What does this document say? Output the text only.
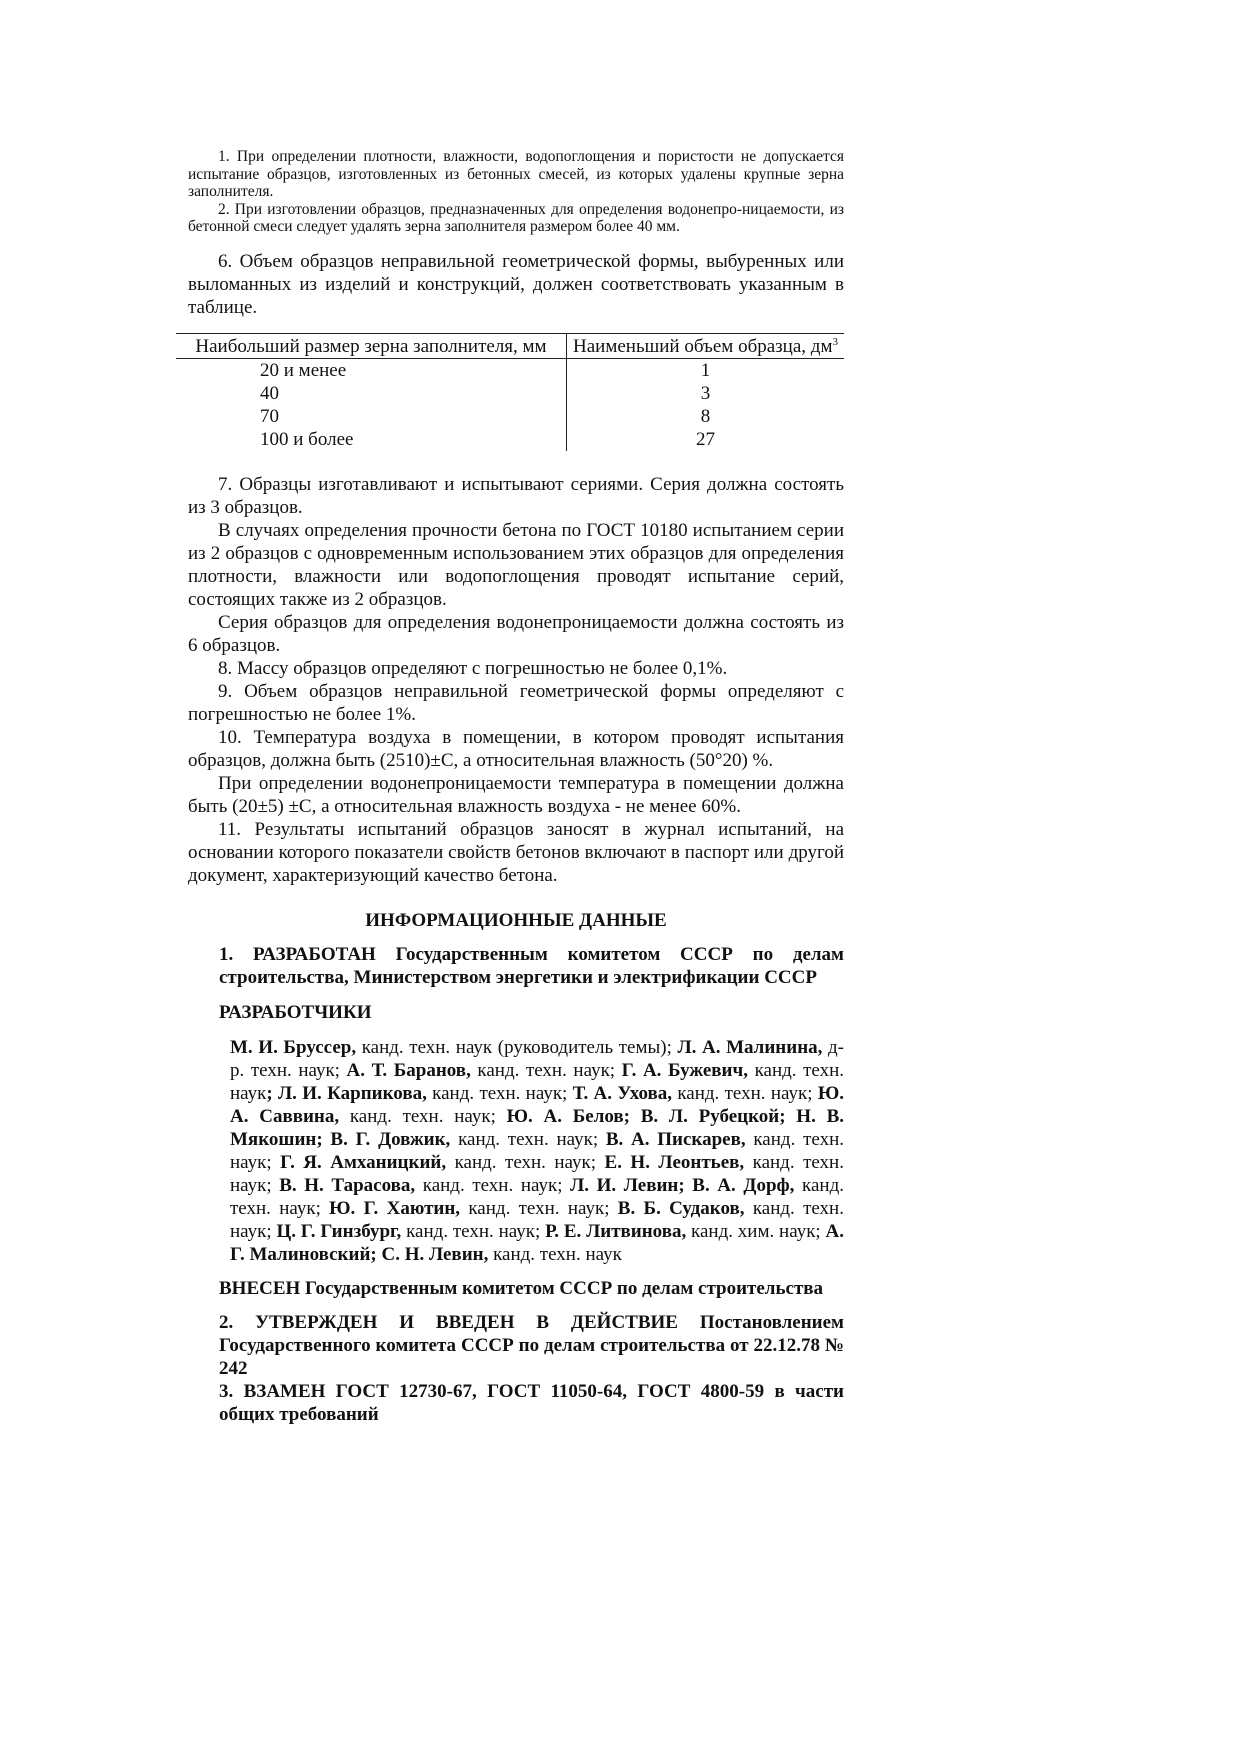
1. При определении плотности, влажности, водопоглощения и пористости не допускается испытание образцов, изготовленных из бетонных смесей, из которых удалены крупные зерна заполнителя.

2. При изготовлении образцов, предназначенных для определения водонепро-ницаемости, из бетонной смеси следует удалять зерна заполнителя размером более 40 мм.

6. Объем образцов неправильной геометрической формы, выбуренных или выломанных из изделий и конструкций, должен соответствовать указанным в таблице.

Наибольший размер зерна заполнителя, мм	Наименьший объем образца, $дм^3$
20 и менее	1
40	3
70	8
100 и более	27

7. Образцы изготавливают и испытывают сериями. Серия должна состоять из 3 образцов.

В случаях определения прочности бетона по ГОСТ 10180 испытанием серии из 2 образцов с одновременным использованием этих образцов для определения плотности, влажности или водопоглощения проводят испытание серий, состоящих также из 2 образцов.

Серия образцов для определения водонепроницаемости должна состоять из 6 образцов.

8. Массу образцов определяют с погрешностью не более 0,1%.

9. Объем образцов неправильной геометрической формы определяют с погрешностью не более 1%.

10. Температура воздуха в помещении, в котором проводят испытания образцов, должна быть (2510)±С, а относительная влажность (50°20) %.

При определении водонепроницаемости температура в помещении должна быть (20±5) ±С, а относительная влажность воздуха - не менее 60%.

11. Результаты испытаний образцов заносят в журнал испытаний, на основании которого показатели свойств бетонов включают в паспорт или другой документ, характеризующий качество бетона.

ИНФОРМАЦИОННЫЕ ДАННЫЕ

1. РАЗРАБОТАН Государственным комитетом СССР по делам строительства, Министерством энергетики и электрификации СССР

РАЗРАБОТЧИКИ

М. И. Бруссер, канд. техн. наук (руководитель темы); Л. А. Малинина, д-р. техн. наук; А. Т. Баранов, канд. техн. наук; Г. А. Бужевич, канд. техн. наук; Л. И. Карпикова, канд. техн. наук; Т. А. Ухова, канд. техн. наук; Ю. А. Саввина, канд. техн. наук; Ю. А. Белов; В. Л. Рубецкой; Н. В. Мякошин; В. Г. Довжик, канд. техн. наук; В. А. Пискарев, канд. техн. наук; Г. Я. Амханицкий, канд. техн. наук; Е. Н. Леонтьев, канд. техн. наук; В. Н. Тарасова, канд. техн. наук; Л. И. Левин; В. А. Дорф, канд. техн. наук; Ю. Г. Хаютин, канд. техн. наук; В. Б. Судаков, канд. техн. наук; Ц. Г. Гинзбург, канд. техн. наук; Р. Е. Литвинова, канд. хим. наук; А. Г. Малиновский; С. Н. Левин, канд. техн. наук

ВНЕСЕН Государственным комитетом СССР по делам строительства

2. УТВЕРЖДЕН И ВВЕДЕН В ДЕЙСТВИЕ Постановлением Государственного комитета СССР по делам строительства от 22.12.78 № 242

3. ВЗАМЕН ГОСТ 12730-67, ГОСТ 11050-64, ГОСТ 4800-59 в части общих требований
